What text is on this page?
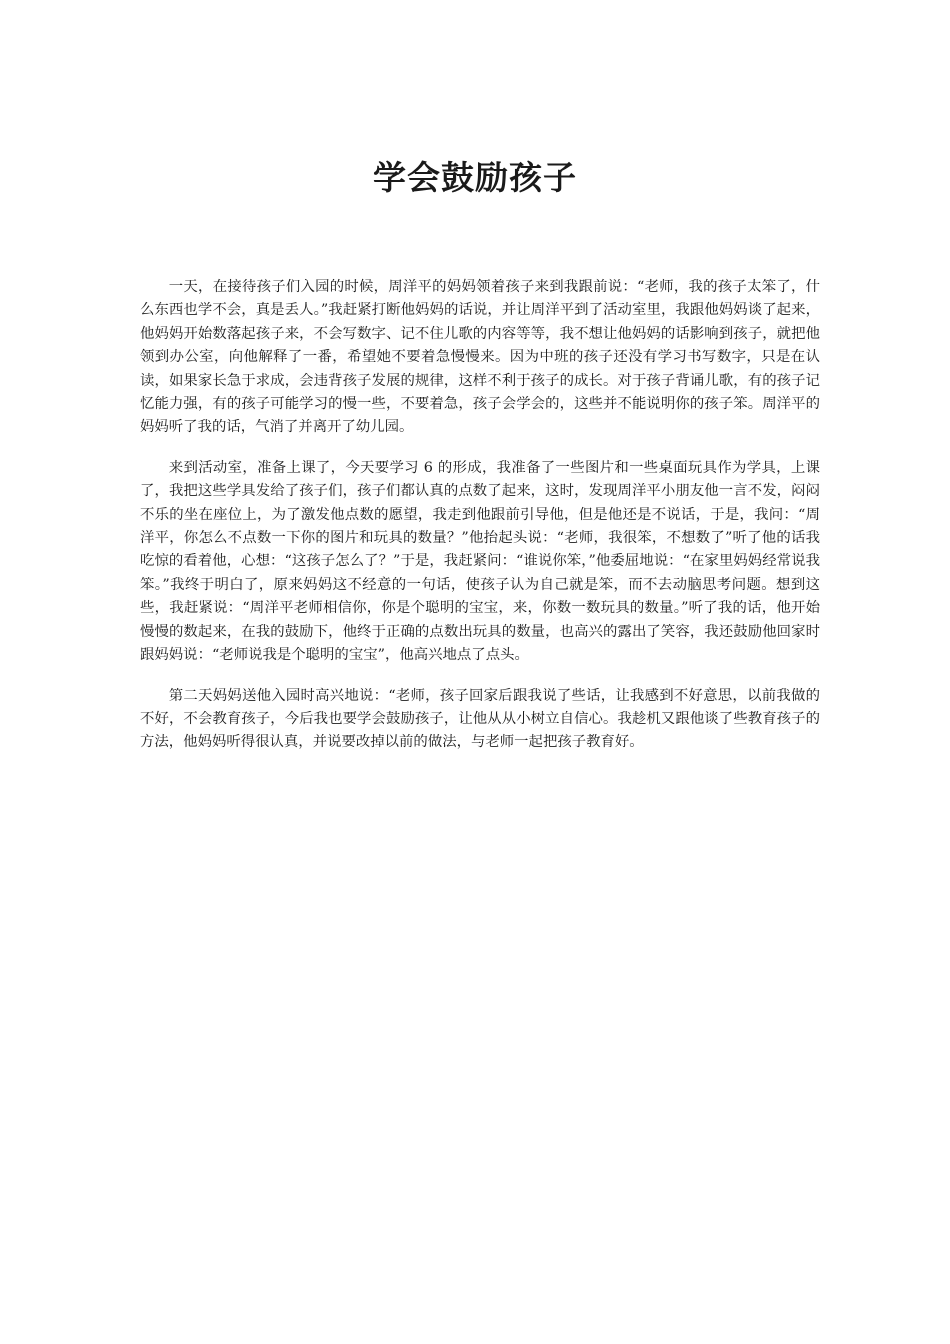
学会鼓励孩子

一天，在接待孩子们入园的时候，周洋平的妈妈领着孩子来到我跟前说：“老师，我的孩子太笨了，什么东西也学不会，真是丢人。”我赶紧打断他妈妈的话说，并让周洋平到了活动室里，我跟他妈妈谈了起来，他妈妈开始数落起孩子来，不会写数字、记不住儿歌的内容等等，我不想让他妈妈的话影响到孩子，就把他领到办公室，向他解释了一番，希望她不要着急慢慢来。因为中班的孩子还没有学习书写数字，只是在认读，如果家长急于求成，会违背孩子发展的规律，这样不利于孩子的成长。对于孩子背诵儿歌，有的孩子记忆能力强，有的孩子可能学习的慢一些，不要着急，孩子会学会的，这些并不能说明你的孩子笨。周洋平的妈妈听了我的话，气消了并离开了幼儿园。

来到活动室，准备上课了，今天要学习 6 的形成，我准备了一些图片和一些桌面玩具作为学具，上课了，我把这些学具发给了孩子们，孩子们都认真的点数了起来，这时，发现周洋平小朋友他一言不发，闷闷不乐的坐在座位上，为了激发他点数的愿望，我走到他跟前引导他，但是他还是不说话，于是，我问：“周洋平，你怎么不点数一下你的图片和玩具的数量？”他抬起头说：“老师，我很笨，不想数了”听了他的话我吃惊的看着他，心想：“这孩子怎么了？”于是，我赶紧问：“谁说你笨，”他委屈地说：“在家里妈妈经常说我笨。”我终于明白了，原来妈妈这不经意的一句话，使孩子认为自己就是笨，而不去动脑思考问题。想到这些，我赶紧说：“周洋平老师相信你，你是个聪明的宝宝，来，你数一数玩具的数量。”听了我的话，他开始慢慢的数起来，在我的鼓励下，他终于正确的点数出玩具的数量，也高兴的露出了笑容，我还鼓励他回家时跟妈妈说：“老师说我是个聪明的宝宝”，他高兴地点了点头。

第二天妈妈送他入园时高兴地说：“老师，孩子回家后跟我说了些话，让我感到不好意思，以前我做的不好，不会教育孩子，今后我也要学会鼓励孩子，让他从从小树立自信心。我趁机又跟他谈了些教育孩子的方法，他妈妈听得很认真，并说要改掉以前的做法，与老师一起把孩子教育好。
